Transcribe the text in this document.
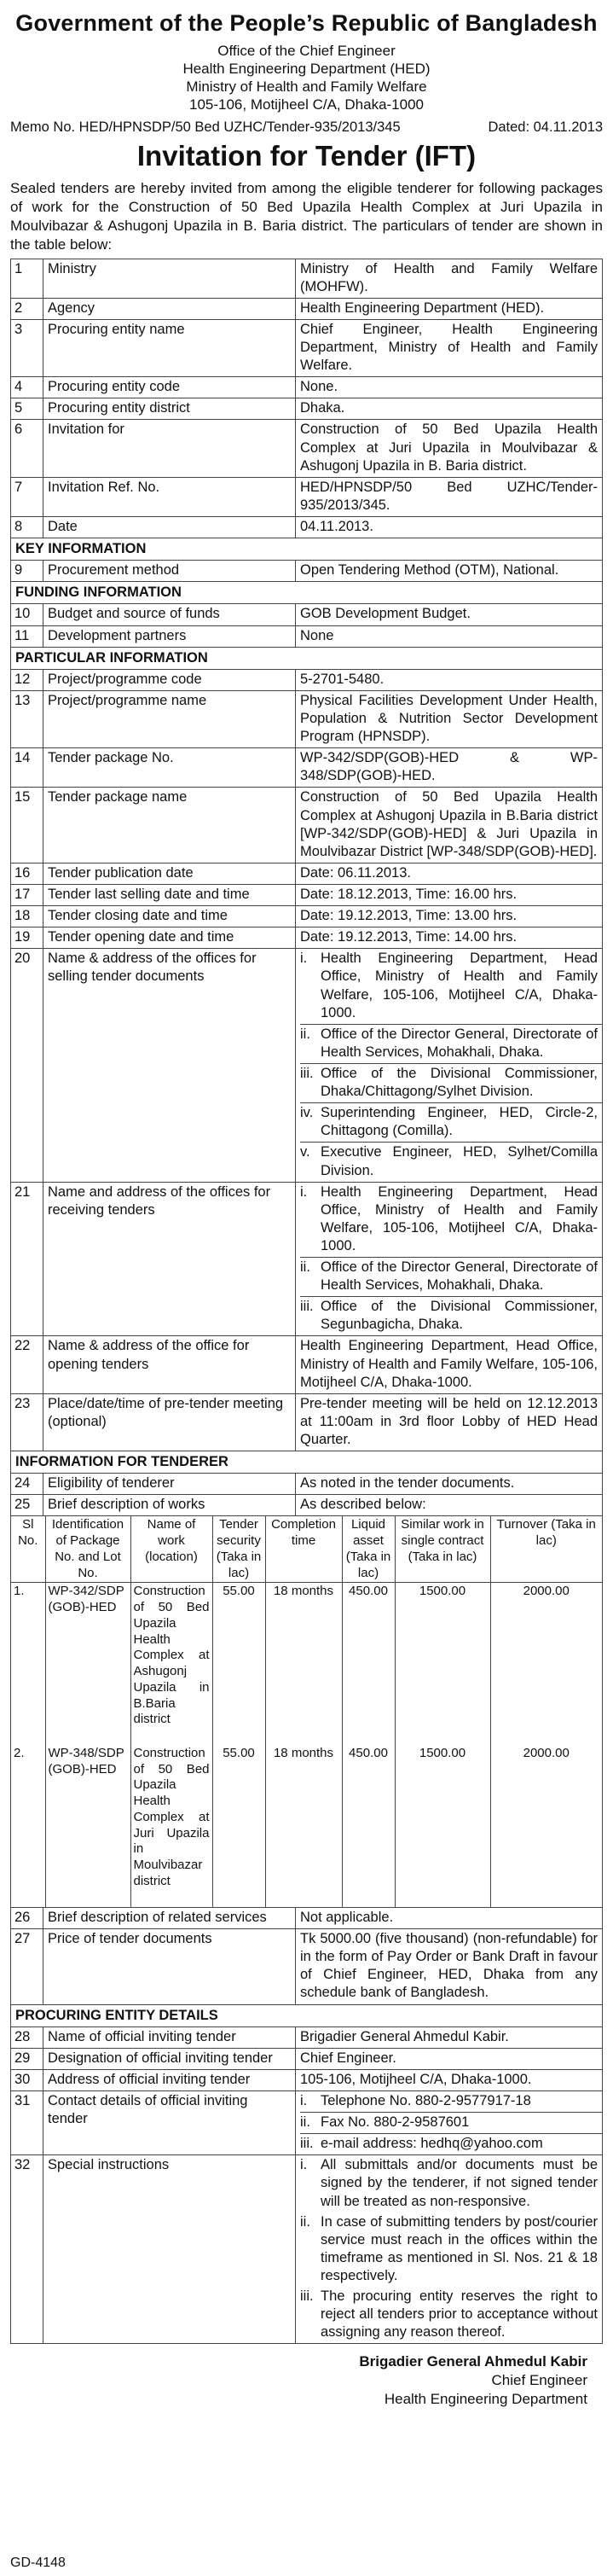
Government of the People’s Republic of Bangladesh
Office of the Chief Engineer
Health Engineering Department (HED)
Ministry of Health and Family Welfare
105-106, Motijheel C/A, Dhaka-1000
Memo No. HED/HPNSDP/50 Bed UZHC/Tender-935/2013/345	Dated: 04.11.2013
Invitation for Tender (IFT)
Sealed tenders are hereby invited from among the eligible tenderer for following packages of work for the Construction of 50 Bed Upazila Health Complex at Juri Upazila in Moulvibazar & Ashugonj Upazila in B. Baria district. The particulars of tender are shown in the table below:
1	Ministry	Ministry of Health and Family Welfare (MOHFW).
2	Agency	Health Engineering Department (HED).
3	Procuring entity name	Chief Engineer, Health Engineering Department, Ministry of Health and Family Welfare.
4	Procuring entity code	None.
5	Procuring entity district	Dhaka.
6	Invitation for	Construction of 50 Bed Upazila Health Complex at Juri Upazila in Moulvibazar & Ashugonj Upazila in B. Baria district.
7	Invitation Ref. No.	HED/HPNSDP/50 Bed UZHC/Tender-935/2013/345.
8	Date	04.11.2013.
KEY INFORMATION
9	Procurement method	Open Tendering Method (OTM), National.
FUNDING INFORMATION
10	Budget and source of funds	GOB Development Budget.
11	Development partners	None
PARTICULAR INFORMATION
12	Project/programme code	5-2701-5480.
13	Project/programme name	Physical Facilities Development Under Health, Population & Nutrition Sector Development Program (HPNSDP).
14	Tender package No.	WP-342/SDP(GOB)-HED & WP-348/SDP(GOB)-HED.
15	Tender package name	Construction of 50 Bed Upazila Health Complex at Ashugonj Upazila in B.Baria district [WP-342/SDP(GOB)-HED] & Juri Upazila in Moulvibazar District [WP-348/SDP(GOB)-HED].
16	Tender publication date	Date: 06.11.2013.
17	Tender last selling date and time	Date: 18.12.2013, Time: 16.00 hrs.
18	Tender closing date and time	Date: 19.12.2013, Time: 13.00 hrs.
19	Tender opening date and time	Date: 19.12.2013, Time: 14.00 hrs.
20	Name & address of the offices for selling tender documents	
i. Health Engineering Department, Head Office, Ministry of Health and Family Welfare, 105-106, Motijheel C/A, Dhaka-1000.
ii. Office of the Director General, Directorate of Health Services, Mohakhali, Dhaka.
iii. Office of the Divisional Commissioner, Dhaka/Chittagong/Sylhet Division.
iv. Superintending Engineer, HED, Circle-2, Chittagong (Comilla).
v. Executive Engineer, HED, Sylhet/Comilla Division.

21	Name and address of the offices for receiving tenders	
i. Health Engineering Department, Head Office, Ministry of Health and Family Welfare, 105-106, Motijheel C/A, Dhaka-1000.
ii. Office of the Director General, Directorate of Health Services, Mohakhali, Dhaka.
iii. Office of the Divisional Commissioner, Segunbagicha, Dhaka.

22	Name & address of the office for opening tenders	Health Engineering Department, Head Office, Ministry of Health and Family Welfare, 105-106, Motijheel C/A, Dhaka-1000.
23	Place/date/time of pre-tender meeting (optional)	Pre-tender meeting will be held on 12.12.2013 at 11:00am in 3rd floor Lobby of HED Head Quarter.
INFORMATION FOR TENDERER
24	Eligibility of tenderer	As noted in the tender documents.
25	Brief description of works	As described below:

Sl No.	Identification of Package No. and Lot No.	Name of work (location)	Tender security (Taka in lac)	Completion time	Liquid asset (Taka in lac)	Similar work in single contract (Taka in lac)	Turnover (Taka in lac)
1.	WP-342/SDP (GOB)-HED	Construction of 50 Bed Upazila Health Complex at Ashugonj Upazila in B.Baria district	55.00	18 months	450.00	1500.00	2000.00
2.	WP-348/SDP (GOB)-HED	Construction of 50 Bed Upazila Health Complex at Juri Upazila in Moulvibazar district	55.00	18 months	450.00	1500.00	2000.00

26	Brief description of related services	Not applicable.
27	Price of tender documents	Tk 5000.00 (five thousand) (non-refundable) for in the form of Pay Order or Bank Draft in favour of Chief Engineer, HED, Dhaka from any schedule bank of Bangladesh.
PROCURING ENTITY DETAILS
28	Name of official inviting tender	Brigadier General Ahmedul Kabir.
29	Designation of official inviting tender	Chief Engineer.
30	Address of official inviting tender	105-106, Motijheel C/A, Dhaka-1000.
31	Contact details of official inviting tender	
i. Telephone No. 880-2-9577917-18
ii. Fax No. 880-2-9587601
iii. e-mail address: hedhq@yahoo.com

32	Special instructions	i. All submittals and/or documents must be signed by the tenderer, if not signed tender will be treated as non-responsive.
ii. In case of submitting tenders by post/courier service must reach in the offices within the timeframe as mentioned in Sl. Nos. 21 & 18 respectively.
iii. The procuring entity reserves the right to reject all tenders prior to acceptance without assigning any reason thereof.
Brigadier General Ahmedul Kabir
Chief Engineer
Health Engineering Department
GD-4148
